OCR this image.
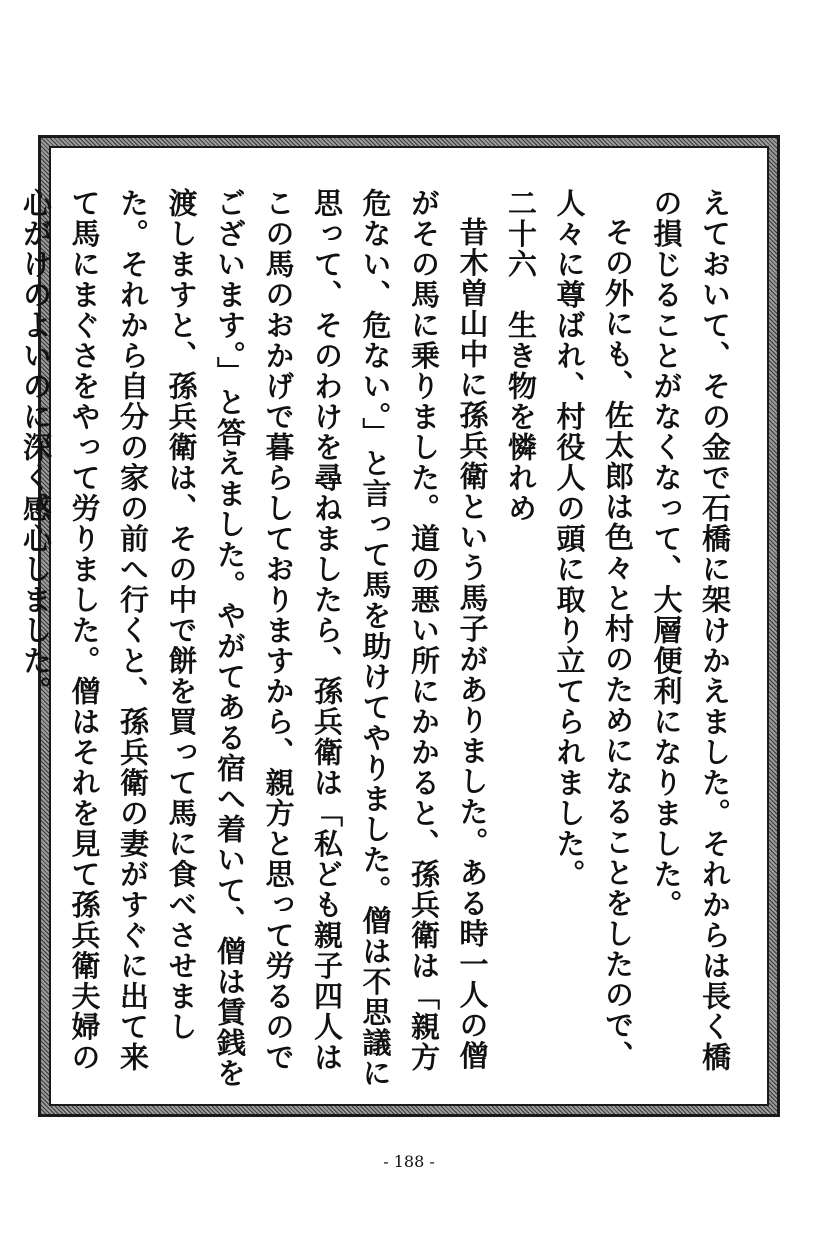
えておいて、その金で石橋に架けかえました。それからは長く橋の損じることがなくなって、大層便利になりました。

その外にも、佐太郎は色々と村のためになることをしたので、人々に尊ばれ、村役人の頭に取り立てられました。

二十六　生き物を憐れめ

昔木曽山中に孫兵衛という馬子がありました。ある時一人の僧がその馬に乗りました。道の悪い所にかかると、孫兵衛は「親方危ない、危ない。」と言って馬を助けてやりました。僧は不思議に思って、そのわけを尋ねましたら、孫兵衛は「私ども親子四人はこの馬のおかげで暮らしておりますから、親方と思って労るのでございます。」と答えました。やがてある宿へ着いて、僧は賃銭を渡しますと、孫兵衛は、その中で餅を買って馬に食べさせました。それから自分の家の前へ行くと、孫兵衛の妻がすぐに出て来て馬にまぐさをやって労りました。僧はそれを見て孫兵衛夫婦の心がけのよいのに深く感心しました。

- 188 -
